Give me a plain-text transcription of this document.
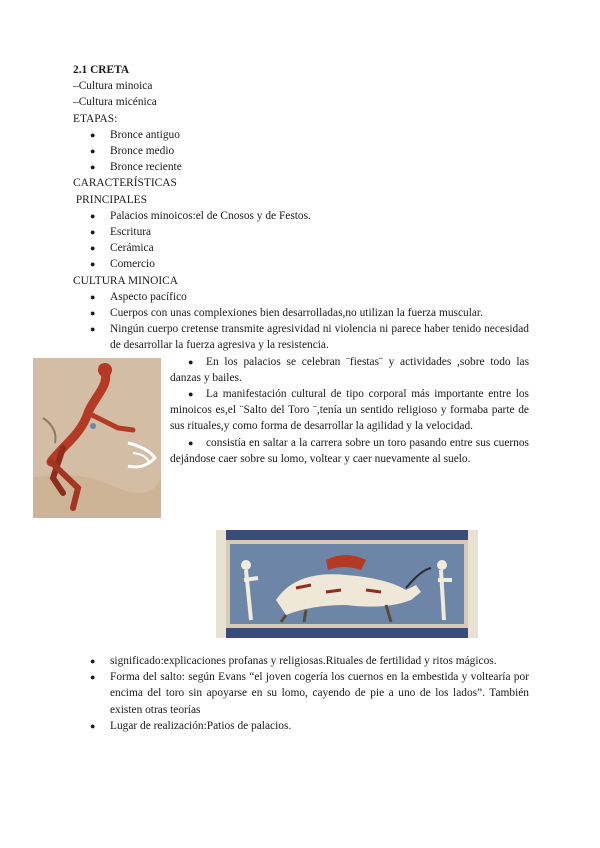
2.1 CRETA
–Cultura minoica
–Cultura micénica
ETAPAS:
● Bronce antiguo
● Bronce medio
● Bronce reciente
CARACTERÍSTICAS
PRINCIPALES
● Palacios minoicos:el de Cnosos y de Festos.
● Escritura
● Cerámica
● Comercio
CULTURA MINOICA
● Aspecto pacífico
● Cuerpos con unas complexiones bien desarrolladas,no utilizan la fuerza muscular.
● Ningún cuerpo cretense transmite agresividad ni violencia ni parece haber tenido necesidad de desarrollar la fuerza agresiva y la resistencia.

● En los palacios se celebran ¨fiestas¨ y actividades ,sobre todo las danzas y bailes.

● La manifestación cultural de tipo corporal más importante entre los minoicos es,el ¨Salto del Toro ¨,tenía un sentido religioso y formaba parte de sus rituales,y como forma de desarrollar la agilidad y la velocidad.

● consistía en saltar a la carrera sobre un toro pasando entre sus cuernos dejándose caer sobre su lomo, voltear y caer nuevamente al suelo.

● significado:explicaciones profanas y religiosas.Rituales de fertilidad y ritos mágicos.
● Forma del salto: según Evans “el joven cogería los cuernos en la embestida y voltearía por encima del toro sin apoyarse en su lomo, cayendo de pie a uno de los lados”. También existen otras teorías
● Lugar de realización:Patios de palacios.
